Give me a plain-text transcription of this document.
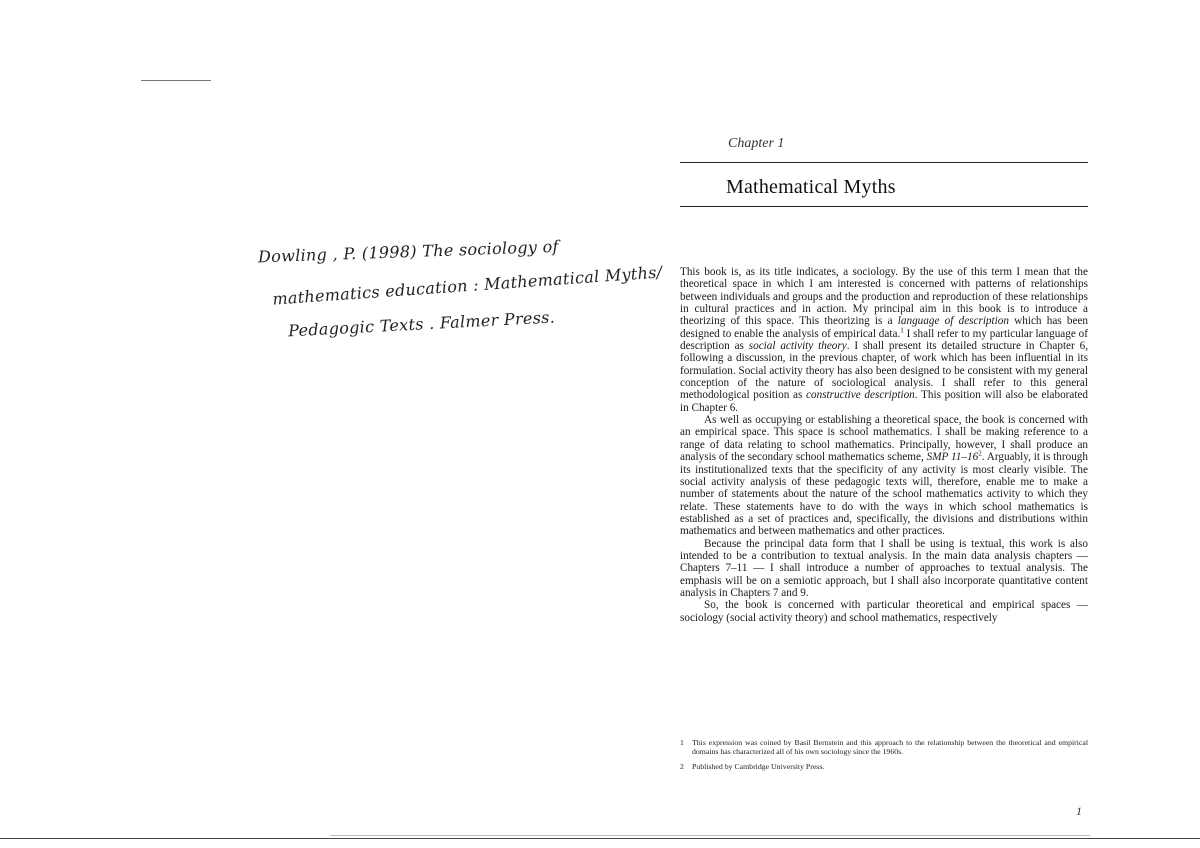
Dowling , P. (1998) The sociology of
mathematics education : Mathematical Myths/
Pedagogic Texts . Falmer Press.
Chapter 1
Mathematical Myths

This book is, as its title indicates, a sociology. By the use of this term I mean that the theoretical space in which I am interested is concerned with patterns of relationships between individuals and groups and the production and reproduction of these relationships in cultural practices and in action. My principal aim in this book is to introduce a theorizing of this space. This theorizing is a language of description which has been designed to enable the analysis of empirical data.$^1$ I shall refer to my particular language of description as social activity theory. I shall present its detailed structure in Chapter 6, following a discussion, in the previous chapter, of work which has been influential in its formulation. Social activity theory has also been designed to be consistent with my general conception of the nature of sociological analysis. I shall refer to this general methodological position as constructive description. This position will also be elaborated in Chapter 6.

As well as occupying or establishing a theoretical space, the book is concerned with an empirical space. This space is school mathematics. I shall be making reference to a range of data relating to school mathematics. Principally, however, I shall produce an analysis of the secondary school mathematics scheme, SMP $11-16^2$. Arguably, it is through its institutionalized texts that the specificity of any activity is most clearly visible. The social activity analysis of these pedagogic texts will, therefore, enable me to make a number of statements about the nature of the school mathematics activity to which they relate. These statements have to do with the ways in which school mathematics is established as a set of practices and, specifically, the divisions and distributions within mathematics and between mathematics and other practices.

Because the principal data form that I shall be using is textual, this work is also intended to be a contribution to textual analysis. In the main data analysis chapters — Chapters 7–11 — I shall introduce a number of approaches to textual analysis. The emphasis will be on a semiotic approach, but I shall also incorporate quantitative content analysis in Chapters 7 and 9.

So, the book is concerned with particular theoretical and empirical spaces — sociology (social activity theory) and school mathematics, respectively

1	This expression was coined by Basil Bernstein and this approach to the relationship between the theoretical and empirical domains has characterized all of his own sociology since the 1960s.
2	Published by Cambridge University Press.
1
